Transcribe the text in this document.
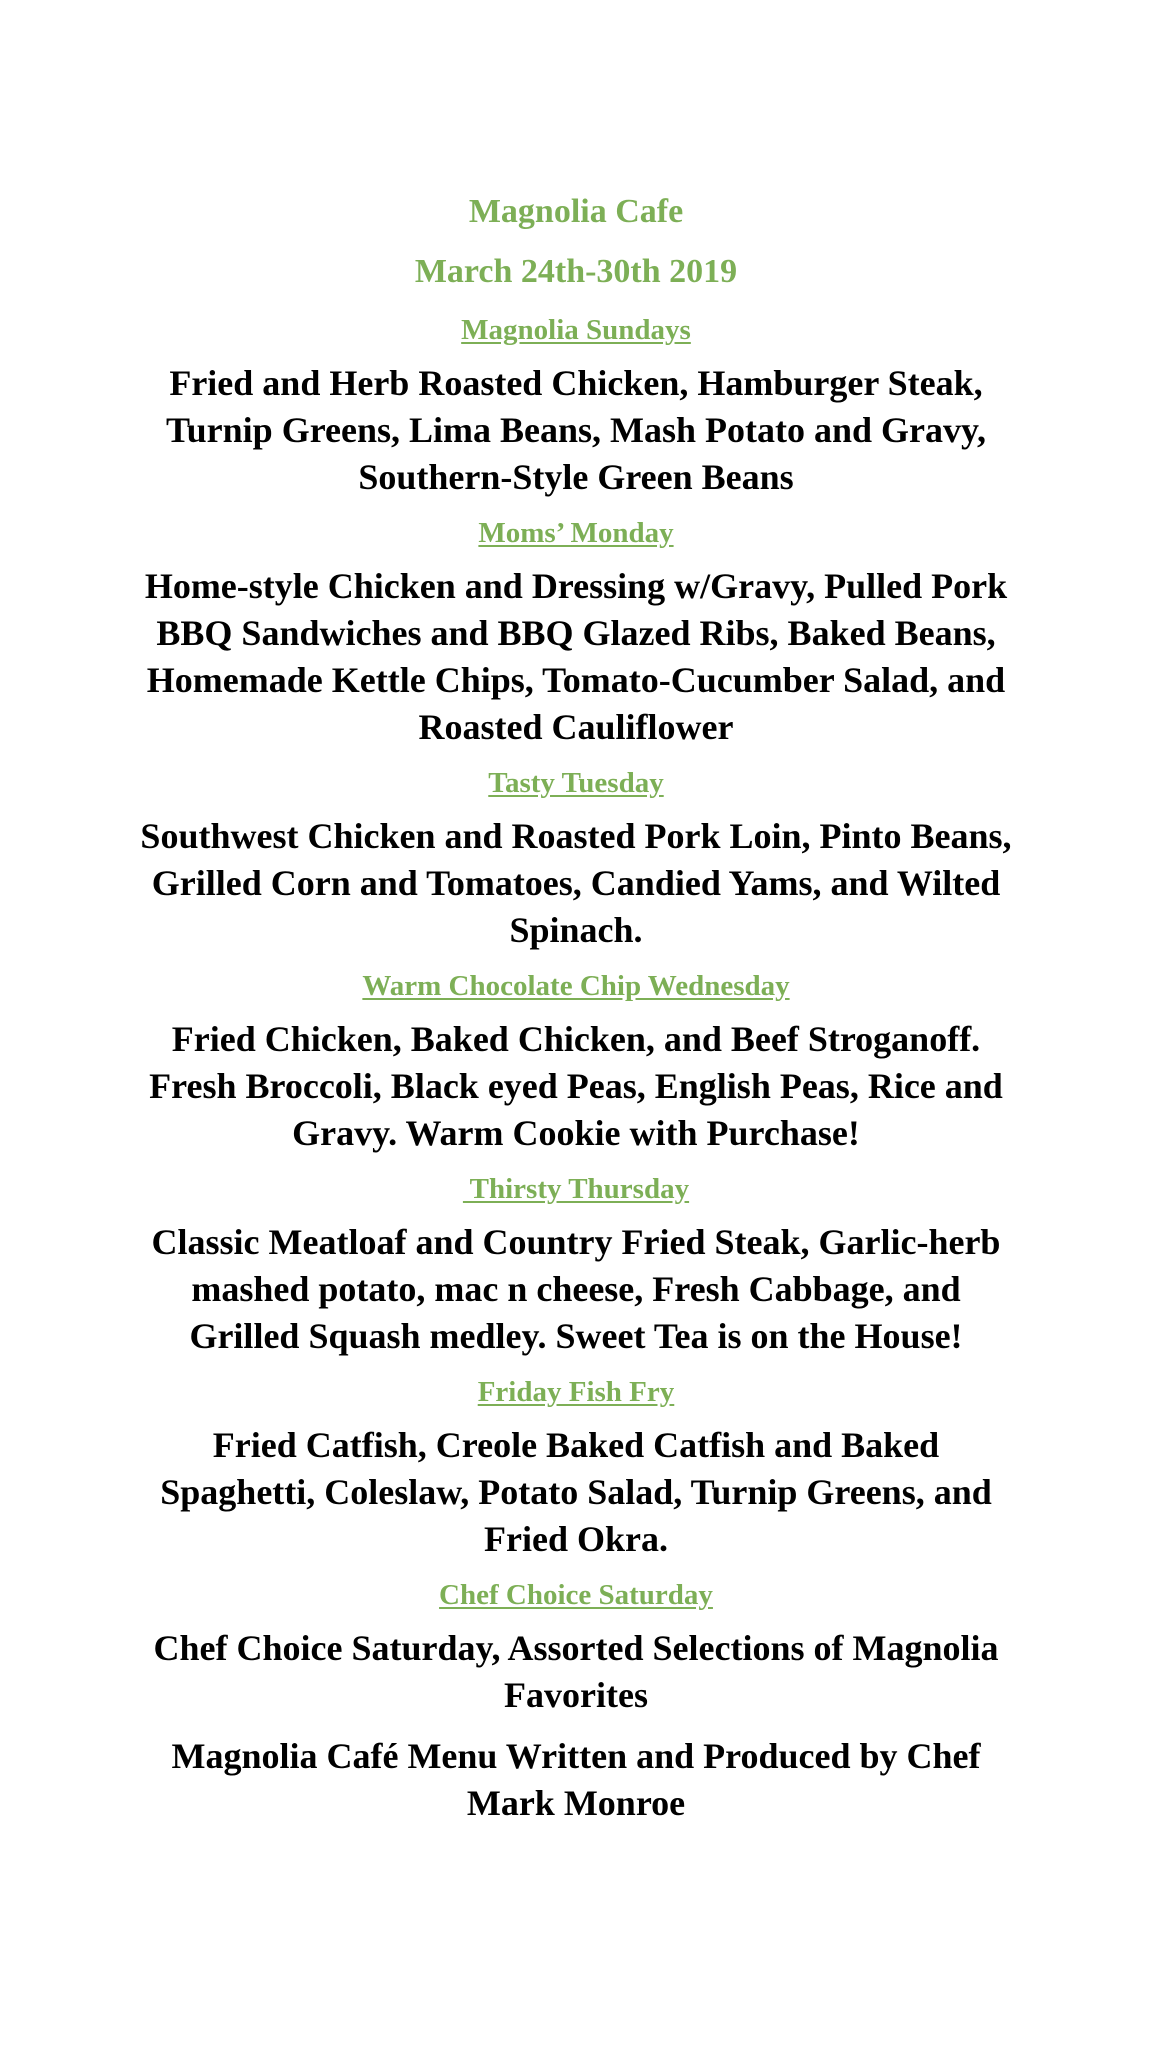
Magnolia Cafe
March 24th-30th 2019
Magnolia Sundays
Fried and Herb Roasted Chicken, Hamburger Steak, Turnip Greens, Lima Beans, Mash Potato and Gravy, Southern-Style Green Beans
Moms’ Monday
Home-style Chicken and Dressing w/Gravy, Pulled Pork BBQ Sandwiches and BBQ Glazed Ribs, Baked Beans, Homemade Kettle Chips, Tomato-Cucumber Salad, and Roasted Cauliflower
Tasty Tuesday
Southwest Chicken and Roasted Pork Loin, Pinto Beans, Grilled Corn and Tomatoes, Candied Yams, and Wilted Spinach.
Warm Chocolate Chip Wednesday
Fried Chicken, Baked Chicken, and Beef Stroganoff. Fresh Broccoli, Black eyed Peas, English Peas, Rice and Gravy. Warm Cookie with Purchase!
Thirsty Thursday
Classic Meatloaf and Country Fried Steak, Garlic-herb mashed potato, mac n cheese, Fresh Cabbage, and Grilled Squash medley. Sweet Tea is on the House!
Friday Fish Fry
Fried Catfish, Creole Baked Catfish and Baked Spaghetti, Coleslaw, Potato Salad, Turnip Greens, and Fried Okra.
Chef Choice Saturday
Chef Choice Saturday, Assorted Selections of Magnolia Favorites
Magnolia Café Menu Written and Produced by Chef Mark Monroe
